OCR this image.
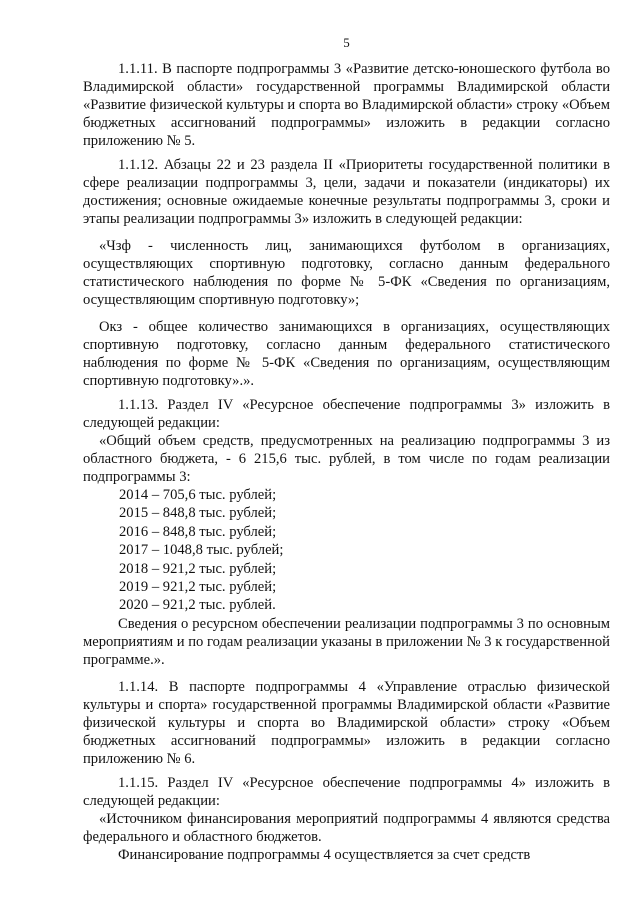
5

1.1.11. В паспорте подпрограммы 3 «Развитие детско-юношеского футбола во Владимирской области» государственной программы Владимирской области «Развитие физической культуры и спорта во Владимирской области» строку «Объем бюджетных ассигнований подпрограммы» изложить в редакции согласно приложению № 5.

1.1.12. Абзацы 22 и 23 раздела II «Приоритеты государственной политики в сфере реализации подпрограммы 3, цели, задачи и показатели (индикаторы) их достижения; основные ожидаемые конечные результаты подпрограммы 3, сроки и этапы реализации подпрограммы 3» изложить в следующей редакции:

«Чзф - численность лиц, занимающихся футболом в организациях, осуществляющих спортивную подготовку, согласно данным федерального статистического наблюдения по форме № 5-ФК «Сведения по организациям, осуществляющим спортивную подготовку»;

Окз - общее количество занимающихся в организациях, осуществляющих спортивную подготовку, согласно данным федерального статистического наблюдения по форме № 5-ФК «Сведения по организациям, осуществляющим спортивную подготовку».».

1.1.13. Раздел IV «Ресурсное обеспечение подпрограммы 3» изложить в следующей редакции:

«Общий объем средств, предусмотренных на реализацию подпрограммы 3 из областного бюджета, - 6 215,6 тыс. рублей, в том числе по годам реализации подпрограммы 3:

2014 – 705,6 тыс. рублей;
2015 – 848,8 тыс. рублей;
2016 – 848,8 тыс. рублей;
2017 – 1048,8 тыс. рублей;
2018 – 921,2 тыс. рублей;
2019 – 921,2 тыс. рублей;
2020 – 921,2 тыс. рублей.

Сведения о ресурсном обеспечении реализации подпрограммы 3 по основным мероприятиям и по годам реализации указаны в приложении № 3 к государственной программе.».

1.1.14. В паспорте подпрограммы 4 «Управление отраслью физической культуры и спорта» государственной программы Владимирской области «Развитие физической культуры и спорта во Владимирской области» строку «Объем бюджетных ассигнований подпрограммы» изложить в редакции согласно приложению № 6.

1.1.15. Раздел IV «Ресурсное обеспечение подпрограммы 4» изложить в следующей редакции:

«Источником финансирования мероприятий подпрограммы 4 являются средства федерального и областного бюджетов.

Финансирование подпрограммы 4 осуществляется за счет средств
